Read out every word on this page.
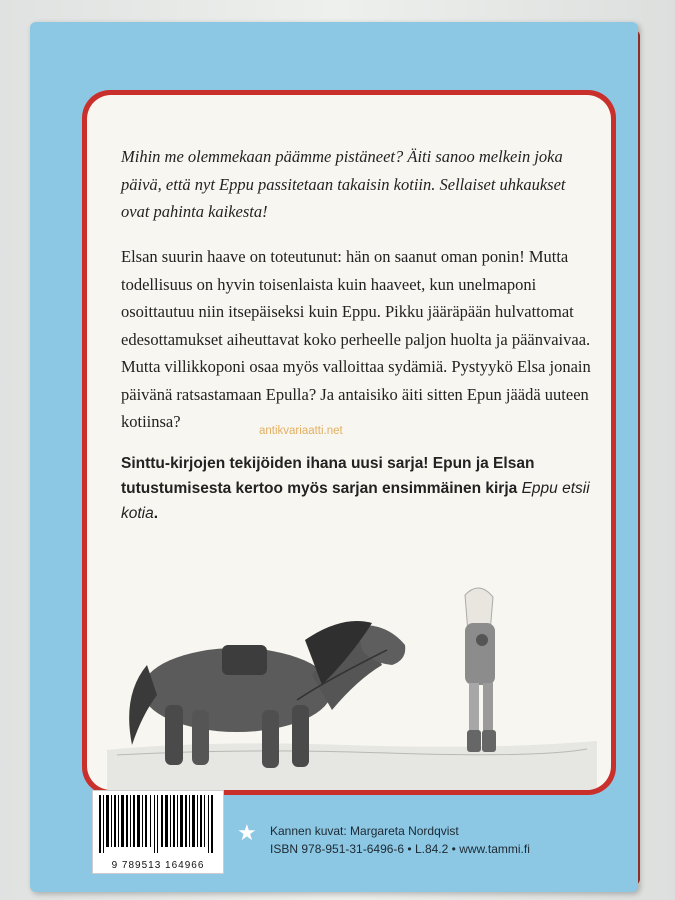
Mihin me olemmekaan päämme pistäneet? Äiti sanoo melkein joka päivä, että nyt Eppu passitetaan takaisin kotiin. Sellaiset uhkaukset ovat pahinta kaikesta!

Elsan suurin haave on toteutunut: hän on saanut oman ponin! Mutta todellisuus on hyvin toisenlaista kuin haaveet, kun unelmaponi osoittautuu niin itsepäiseksi kuin Eppu. Pikku jääräpään hulvattomat edesottamukset aiheuttavat koko perheelle paljon huolta ja päänvaivaa. Mutta villikkoponi osaa myös valloittaa sydämiä. Pystyykö Elsa jonain päivänä ratsastamaan Epulla? Ja antaisiko äiti sitten Epun jäädä uuteen kotiinsa?	antikvariaatti.net

Sinttu-kirjojen tekijöiden ihana uusi sarja! Epun ja Elsan tutustumisesta kertoo myös sarjan ensimmäinen kirja Eppu etsii kotia.

9 789513 164966
★ Kannen kuvat: Margareta Nordqvist
ISBN 978-951-31-6496-6 • L.84.2 • www.tammi.fi
